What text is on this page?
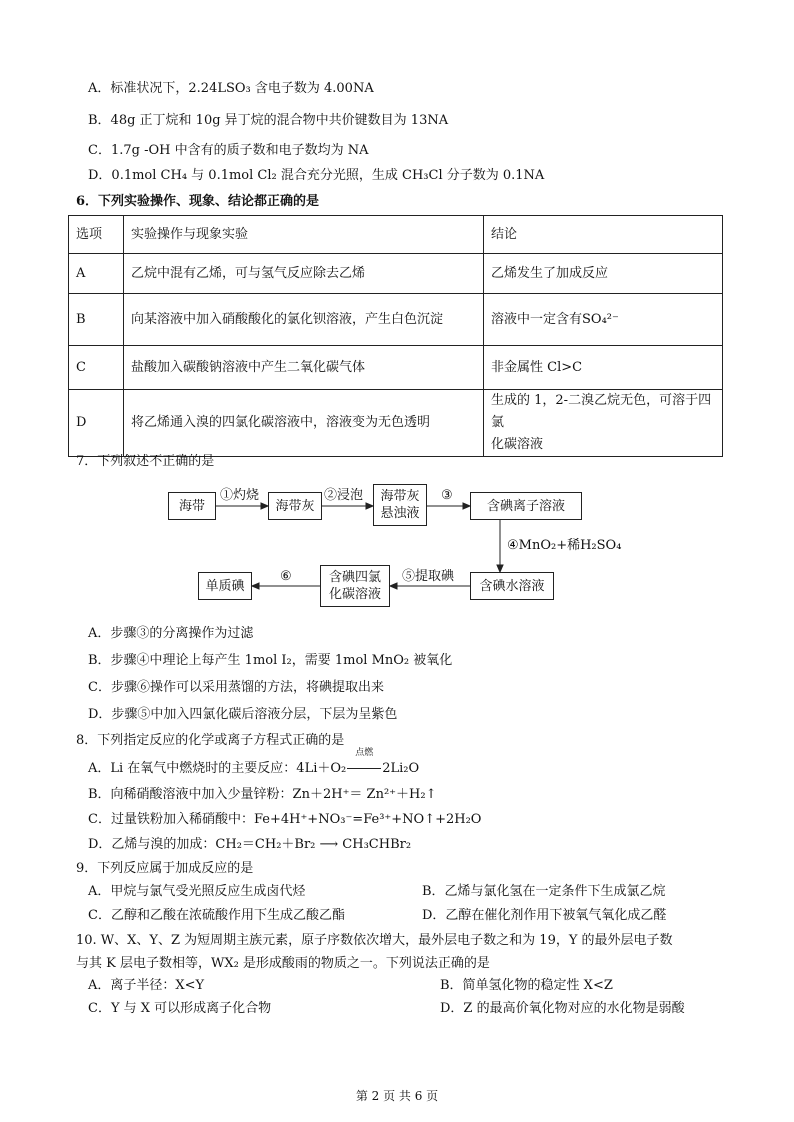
A．标准状况下，2.24LSO₃ 含电子数为 4.00NA
B．48g 正丁烷和 10g 异丁烷的混合物中共价键数目为 13NA
C．1.7g -OH 中含有的质子数和电子数均为 NA
D．0.1mol CH₄ 与 0.1mol Cl₂ 混合充分光照，生成 CH₃Cl 分子数为 0.1NA
6．下列实验操作、现象、结论都正确的是
选项	实验操作与现象实验	结论
A	乙烷中混有乙烯，可与氢气反应除去乙烯	乙烯发生了加成反应
B	向某溶液中加入硝酸酸化的氯化钡溶液，产生白色沉淀	溶液中一定含有SO₄²⁻
C	盐酸加入碳酸钠溶液中产生二氧化碳气体	非金属性 Cl>C
D	将乙烯通入溴的四氯化碳溶液中，溶液变为无色透明	生成的 1，2-二溴乙烷无色，可溶于四氯
化碳溶液
7．下列叙述不正确的是
海带
①灼烧
海带灰
②浸泡 海带灰
悬浊液
③
含碘离子溶液
④MnO₂+稀H₂SO₄
含碘水溶液
⑤提取碘
含碘四氯
化碳溶液
⑥
单质碘
A．步骤③的分离操作为过滤
B．步骤④中理论上每产生 1mol I₂，需要 1mol MnO₂ 被氧化
C．步骤⑥操作可以采用蒸馏的方法，将碘提取出来
D．步骤⑤中加入四氯化碳后溶液分层，下层为呈紫色
8．下列指定反应的化学或离子方程式正确的是
A．Li 在氧气中燃烧时的主要反应：4Li＋O₂
点燃
2Li₂O
B．向稀硝酸溶液中加入少量锌粉：Zn＋2H⁺＝ Zn²⁺＋H₂↑
C．过量铁粉加入稀硝酸中：Fe+4H⁺+NO₃⁻=Fe³⁺+NO↑+2H₂O
D．乙烯与溴的加成：CH₂＝CH₂＋Br₂ ⟶ CH₃CHBr₂
9．下列反应属于加成反应的是
A．甲烷与氯气受光照反应生成卤代烃	B．乙烯与氯化氢在一定条件下生成氯乙烷
C．乙醇和乙酸在浓硫酸作用下生成乙酸乙酯	D．乙醇在催化剂作用下被氧气氧化成乙醛
10. W、X、Y、Z 为短周期主族元素，原子序数依次增大，最外层电子数之和为 19，Y 的最外层电子数
与其 K 层电子数相等，WX₂ 是形成酸雨的物质之一。下列说法正确的是
A．离子半径：X<Y	B．简单氢化物的稳定性 X<Z
C．Y 与 X 可以形成离子化合物	D．Z 的最高价氧化物对应的水化物是弱酸
第 2 页 共 6 页
